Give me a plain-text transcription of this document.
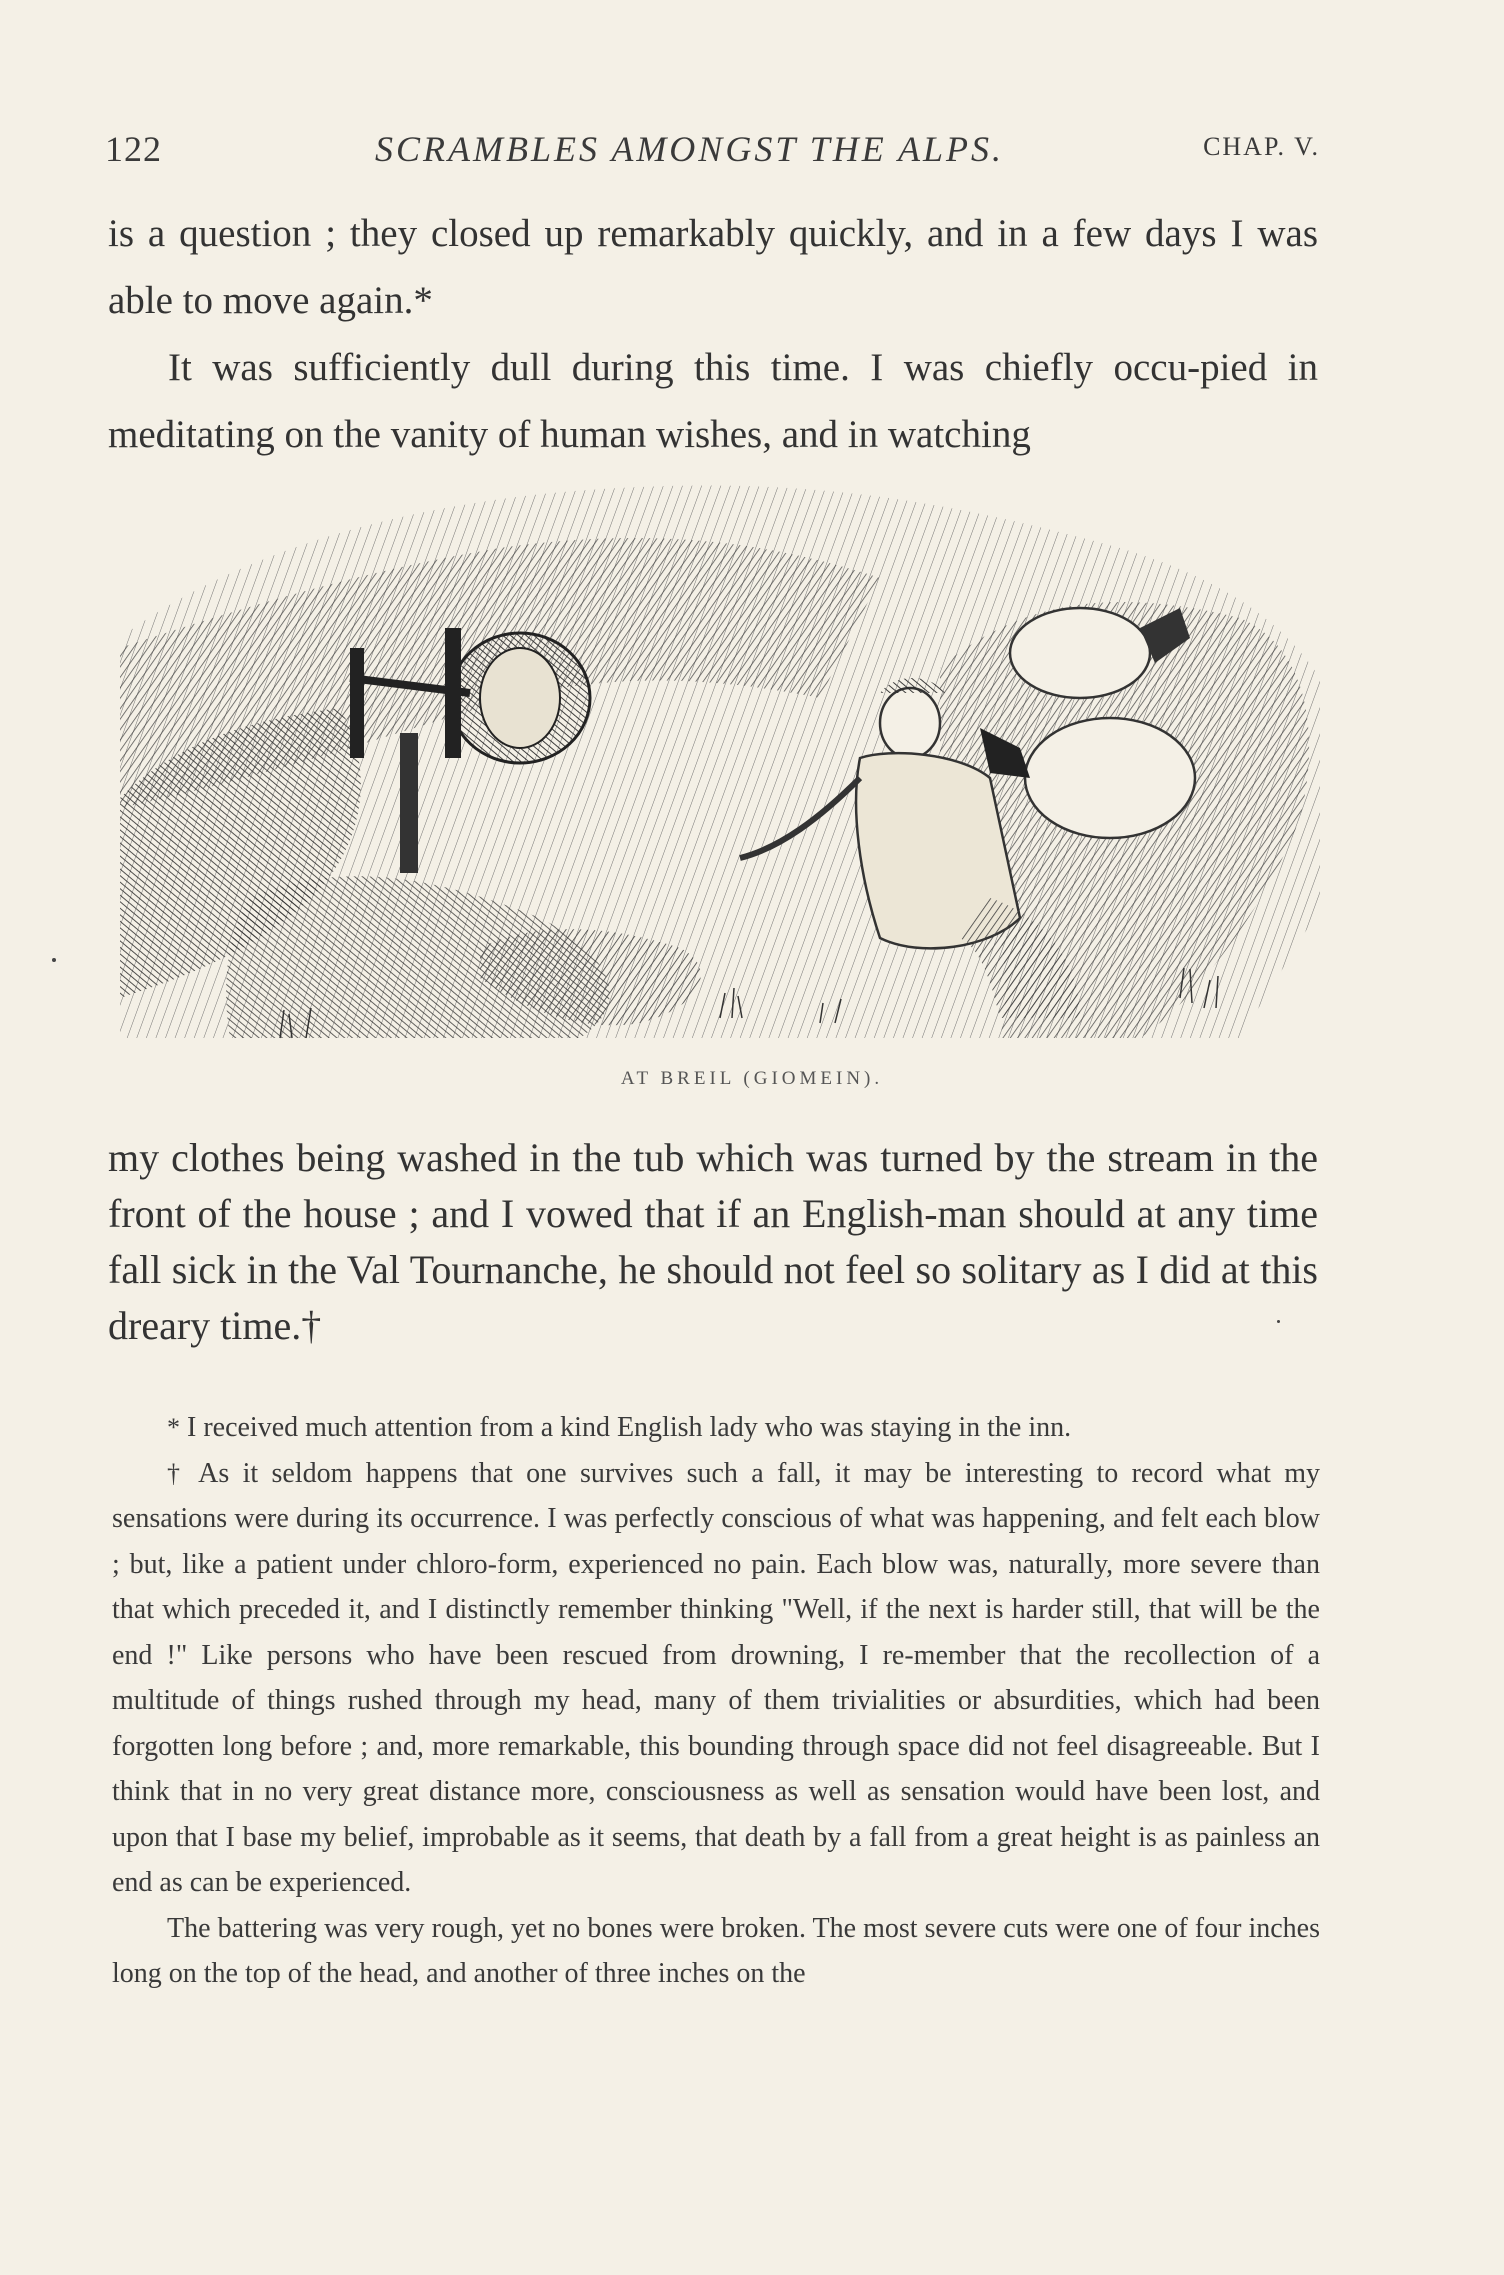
122	SCRAMBLES AMONGST THE ALPS.	CHAP. V.

is a question ; they closed up remarkably quickly, and in a few days I was able to move again.*

It was sufficiently dull during this time. I was chiefly occu-pied in meditating on the vanity of human wishes, and in watching

AT BREIL (GIOMEIN).

my clothes being washed in the tub which was turned by the stream in the front of the house ; and I vowed that if an English-man should at any time fall sick in the Val Tournanche, he should not feel so solitary as I did at this dreary time.†

* I received much attention from a kind English lady who was staying in the inn.

† As it seldom happens that one survives such a fall, it may be interesting to record what my sensations were during its occurrence. I was perfectly conscious of what was happening, and felt each blow ; but, like a patient under chloro-form, experienced no pain. Each blow was, naturally, more severe than that which preceded it, and I distinctly remember thinking "Well, if the next is harder still, that will be the end !" Like persons who have been rescued from drowning, I re-member that the recollection of a multitude of things rushed through my head, many of them trivialities or absurdities, which had been forgotten long before ; and, more remarkable, this bounding through space did not feel disagreeable. But I think that in no very great distance more, consciousness as well as sensation would have been lost, and upon that I base my belief, improbable as it seems, that death by a fall from a great height is as painless an end as can be experienced.

The battering was very rough, yet no bones were broken. The most severe cuts were one of four inches long on the top of the head, and another of three inches on the
